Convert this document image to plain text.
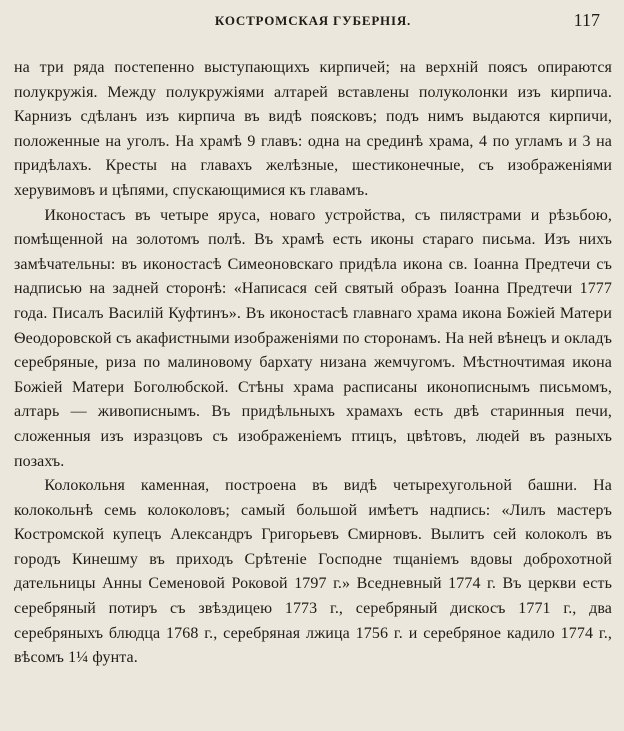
КОСТРОМСКАЯ ГУБЕРНІЯ.	117

на три ряда постепенно выступающихъ кирпичей; на верхній поясъ опираются полукружія. Между полукружіями алтарей вставлены полуколонки изъ кирпича. Карнизъ сдѣланъ изъ кирпича въ видѣ поясковъ; подъ нимъ выдаются кирпичи, положенные на уголъ. На храмѣ 9 главъ: одна на срединѣ храма, 4 по угламъ и 3 на придѣлахъ. Кресты на главахъ желѣзные, шестиконечные, съ изображеніями херувимовъ и цѣпями, спускающимися къ главамъ.

Иконостасъ въ четыре яруса, новаго устройства, съ пилястрами и рѣзьбою, помѣщенной на золотомъ полѣ. Въ храмѣ есть иконы стараго письма. Изъ нихъ замѣчательны: въ иконостасѣ Симеоновскаго придѣла икона св. Іоанна Предтечи съ надписью на задней сторонѣ: «Написася сей святый образъ Іоанна Предтечи 1777 года. Писалъ Василій Куфтинъ». Въ иконостасѣ главнаго храма икона Божіей Матери Ѳеодоровской съ акафистными изображеніями по сторонамъ. На ней вѣнецъ и окладъ серебряные, риза по малиновому бархату низана жемчугомъ. Мѣстночтимая икона Божіей Матери Боголюбской. Стѣны храма расписаны иконописнымъ письмомъ, алтарь — живописнымъ. Въ придѣльныхъ храмахъ есть двѣ старинныя печи, сложенныя изъ изразцовъ съ изображеніемъ птицъ, цвѣтовъ, людей въ разныхъ позахъ.

Колокольня каменная, построена въ видѣ четырехугольной башни. На колокольнѣ семь колоколовъ; самый большой имѣетъ надпись: «Лилъ мастеръ Костромской купецъ Александръ Григорьевъ Смирновъ. Вылитъ сей колоколъ въ городъ Кинешму въ приходъ Срѣтеніе Господне тщаніемъ вдовы доброхотной дательницы Анны Семеновой Роковой 1797 г.» Вседневный 1774 г. Въ церкви есть серебряный потиръ съ звѣздицею 1773 г., серебряный дискосъ 1771 г., два серебряныхъ блюдца 1768 г., серебряная лжица 1756 г. и серебряное кадило 1774 г., вѣсомъ 1¼ фунта.
